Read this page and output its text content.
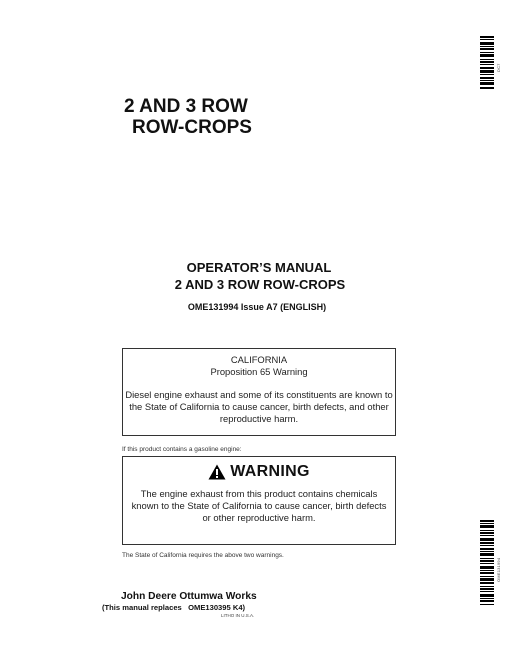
DC7
OME131994
2 AND 3 ROW
ROW-CROPS
OPERATOR’S MANUAL
2 AND 3 ROW ROW-CROPS
OME131994 Issue A7 (ENGLISH)

CALIFORNIA

Proposition 65 Warning

Diesel engine exhaust and some of its constituents are known to the State of California to cause cancer, birth defects, and other reproductive harm.

If this product contains a gasoline engine:
WARNING

The engine exhaust from this product contains chemicals known to the State of California to cause cancer, birth defects or other reproductive harm.

The State of California requires the above two warnings.
John Deere Ottumwa Works
(This manual replaces   OME130395 K4)
LITHO IN U.S.A.
